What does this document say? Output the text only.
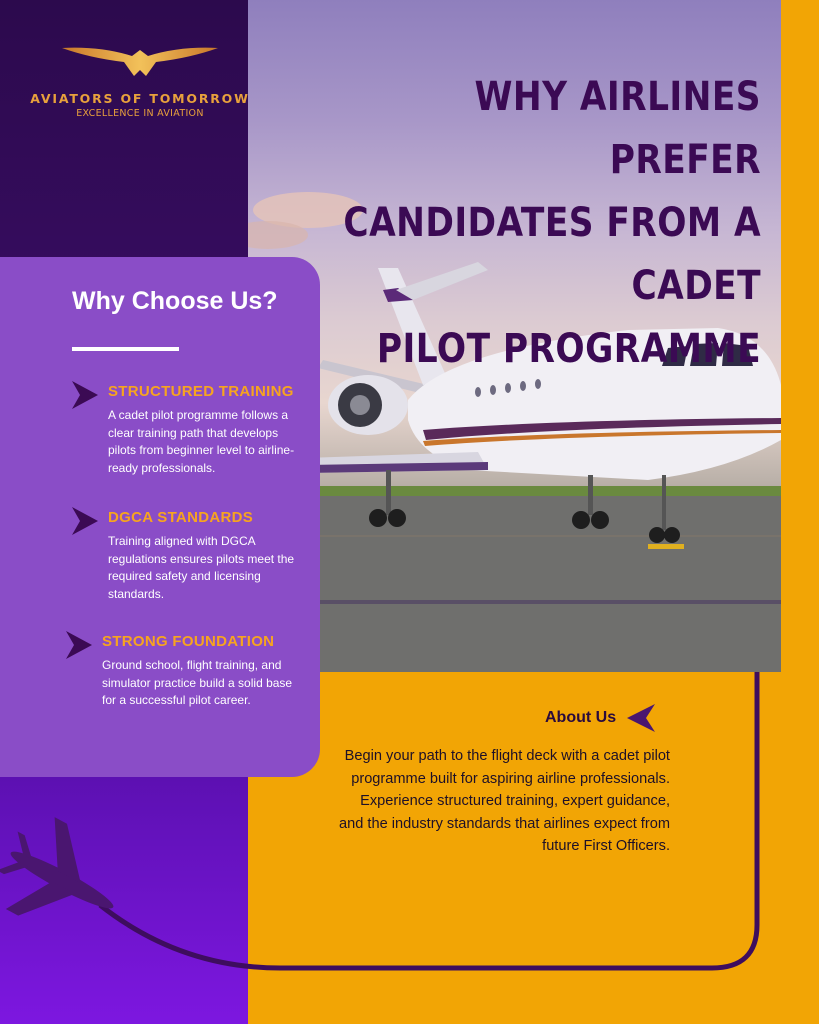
AVIATORS OF TOMORROW
EXCELLENCE IN AVIATION	WHY AIRLINES PREFER
CANDIDATES FROM A CADET
PILOT PROGRAMME
Why Choose Us?
STRUCTURED TRAINING
A cadet pilot programme follows a clear training path that develops pilots from beginner level to airline-ready professionals.
DGCA STANDARDS
Training aligned with DGCA regulations ensures pilots meet the required safety and licensing standards.
STRONG FOUNDATION
Ground school, flight training, and simulator practice build a solid base for a successful pilot career.
About Us
Begin your path to the flight deck with a cadet pilot programme built for aspiring airline professionals. Experience structured training, expert guidance, and the industry standards that airlines expect from future First Officers.
